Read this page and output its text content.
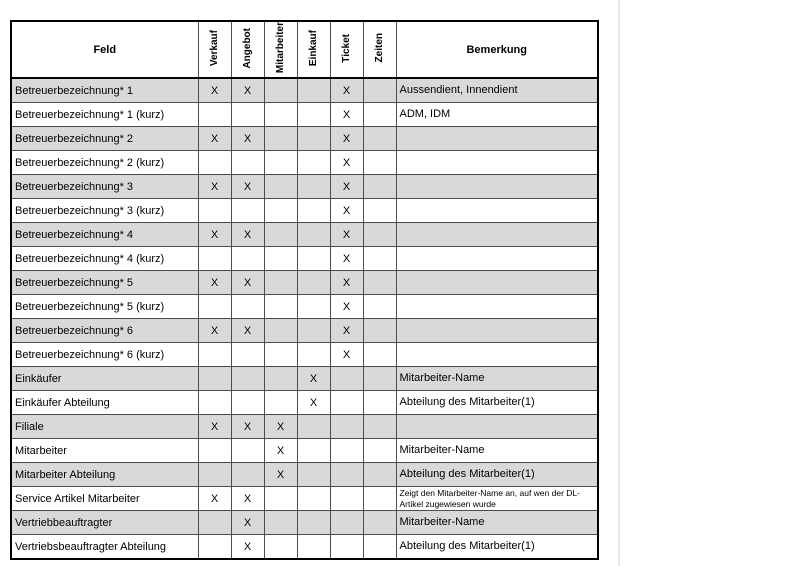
Feld	Verkauf	Angebot	Mitarbeiter	Einkauf	Ticket	Zeiten	Bemerkung
Betreuerbezeichnung* 1	X	X			X		Aussendient, Innendient
Betreuerbezeichnung* 1 (kurz)					X		ADM, IDM
Betreuerbezeichnung* 2	X	X			X		
Betreuerbezeichnung* 2 (kurz)					X		
Betreuerbezeichnung* 3	X	X			X		
Betreuerbezeichnung* 3 (kurz)					X		
Betreuerbezeichnung* 4	X	X			X		
Betreuerbezeichnung* 4 (kurz)					X		
Betreuerbezeichnung* 5	X	X			X		
Betreuerbezeichnung* 5 (kurz)					X		
Betreuerbezeichnung* 6	X	X			X		
Betreuerbezeichnung* 6 (kurz)					X		
Einkäufer				X			Mitarbeiter-Name
Einkäufer Abteilung				X			Abteilung des Mitarbeiter(1)
Filiale	X	X	X				
Mitarbeiter			X				Mitarbeiter-Name
Mitarbeiter Abteilung			X				Abteilung des Mitarbeiter(1)
Service Artikel Mitarbeiter	X	X					Zeigt den Mitarbeiter-Name an, auf wen der DL-Artikel zugewiesen wurde
Vertriebbeauftragter		X					Mitarbeiter-Name
Vertriebsbeauftragter Abteilung		X					Abteilung des Mitarbeiter(1)
